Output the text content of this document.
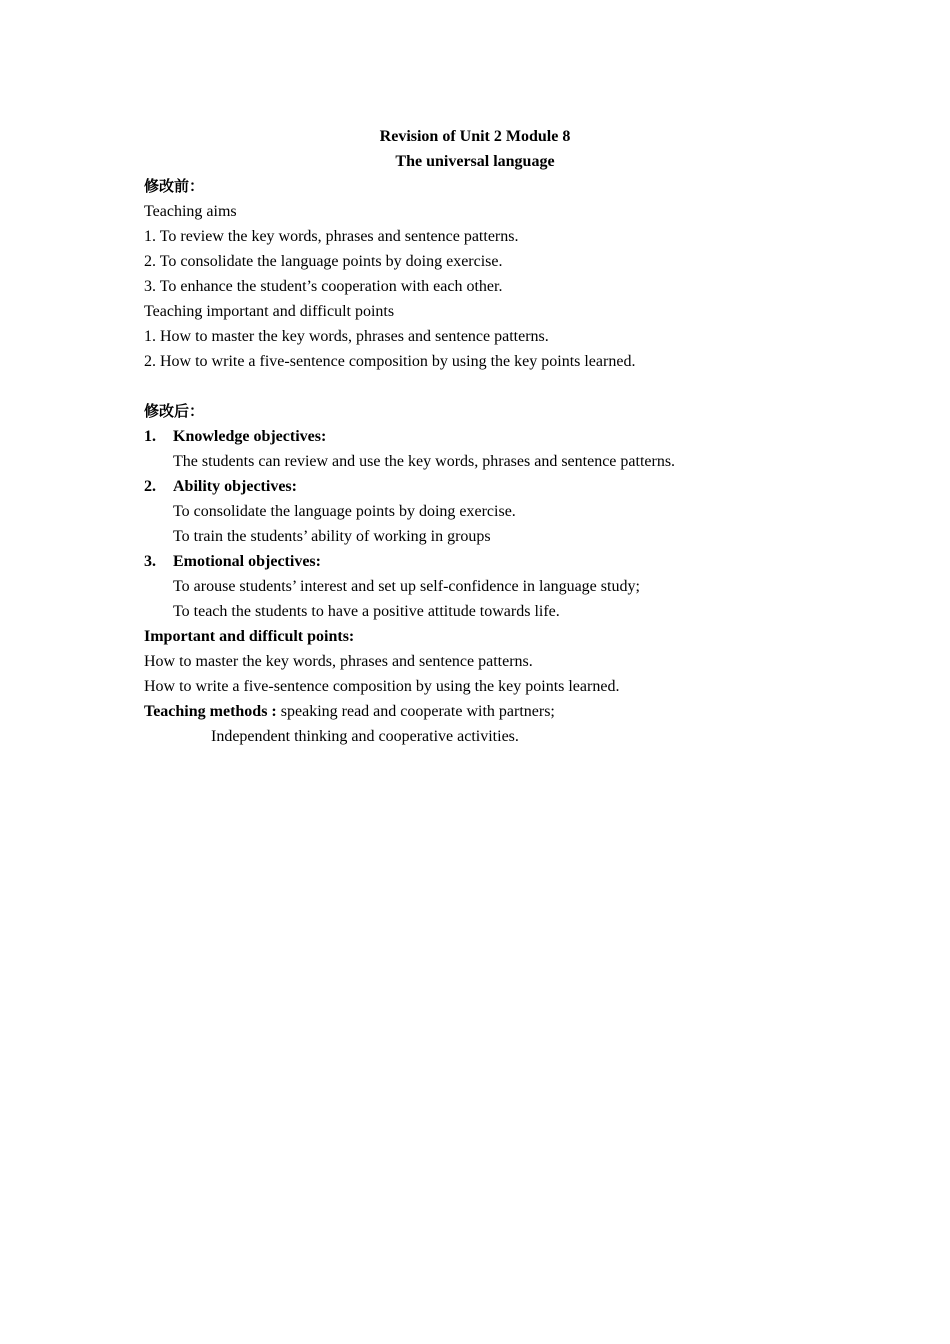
Revision of Unit 2 Module 8
The universal language
修改前：
Teaching aims
1. To review the key words, phrases and sentence patterns.
2. To consolidate the language points by doing exercise.
3. To enhance the student’s cooperation with each other.
Teaching important and difficult points
1. How to master the key words, phrases and sentence patterns.
2. How to write a five-sentence composition by using the key points learned.
修改后：
1. Knowledge objectives:
The students can review and use the key words, phrases and sentence patterns.
2. Ability objectives:
To consolidate the language points by doing exercise.
To train the students’ ability of working in groups
3. Emotional objectives:
To arouse students’ interest and set up self-confidence in language study;
To teach the students to have a positive attitude towards life.
Important and difficult points:
How to master the key words, phrases and sentence patterns.
How to write a five-sentence composition by using the key points learned.
Teaching methods : speaking read and cooperate with partners;
Independent thinking and cooperative activities.
